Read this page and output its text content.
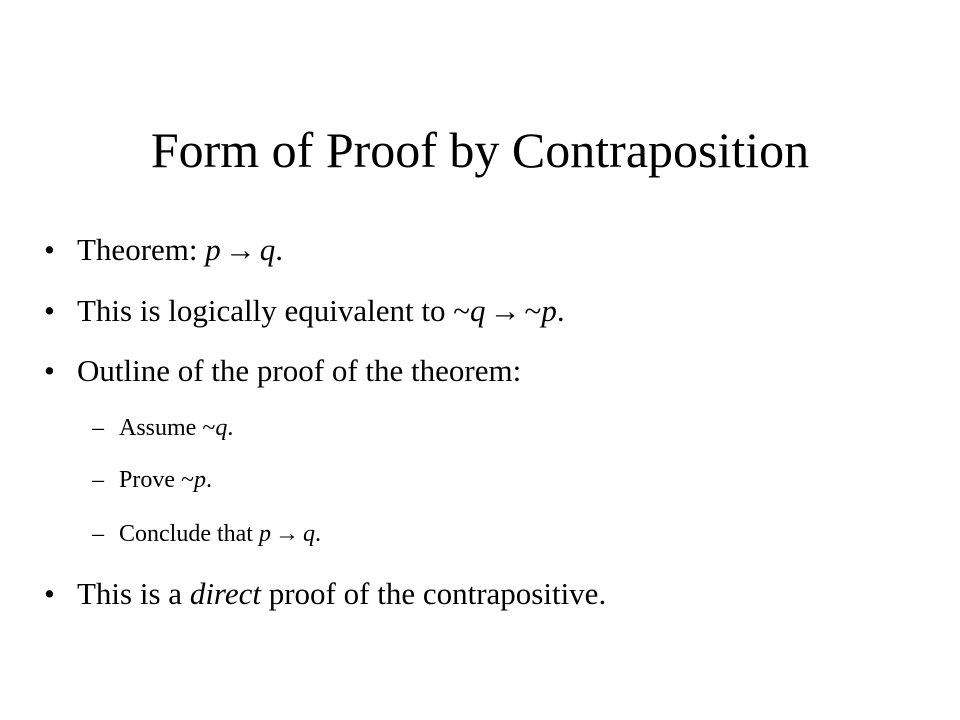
Form of Proof by Contraposition
• Theorem: p → q.
• This is logically equivalent to ~q → ~p.
• Outline of the proof of the theorem:
– Assume ~q.
– Prove ~p.
– Conclude that p → q.
• This is a direct proof of the contrapositive.
